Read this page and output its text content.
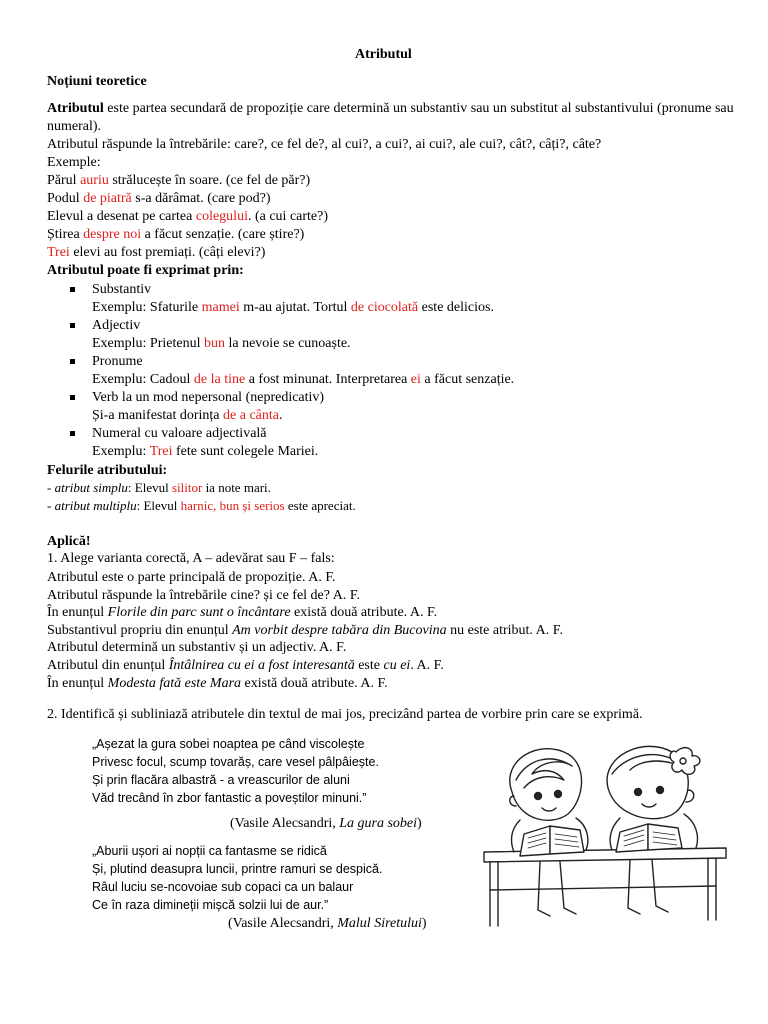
Atributul
Noțiuni teoretice
Atributul este partea secundară de propoziție care determină un substantiv sau un substitut al substantivului (pronume sau numeral).
Atributul răspunde la întrebările: care?, ce fel de?, al cui?, a cui?, ai cui?, ale cui?, cât?, câți?, câte?
Exemple:
Părul auriu strălucește în soare. (ce fel de păr?)
Podul de piatră s-a dărâmat. (care pod?)
Elevul a desenat pe cartea colegului. (a cui carte?)
Știrea despre noi a făcut senzație. (care știre?)
Trei elevi au fost premiați. (câți elevi?)
Atributul poate fi exprimat prin:
Substantiv
Exemplu: Sfaturile mamei m-au ajutat. Tortul de ciocolată este delicios.
Adjectiv
Exemplu: Prietenul bun la nevoie se cunoaște.
Pronume
Exemplu: Cadoul de la tine a fost minunat. Interpretarea ei a făcut senzație.
Verb la un mod nepersonal (nepredicativ)
Și-a manifestat dorința de a cânta.
Numeral cu valoare adjectivală
Exemplu: Trei fete sunt colegele Mariei.
Felurile atributului:
- atribut simplu: Elevul silitor ia note mari.
- atribut multiplu: Elevul harnic, bun și serios este apreciat.
Aplică!
1. Alege varianta corectă, A – adevărat sau F – fals:
Atributul este o parte principală de propoziție. A. F.
Atributul răspunde la întrebările cine? și ce fel de? A. F.
În enunțul Florile din parc sunt o încântare există două atribute. A. F.
Substantivul propriu din enunțul Am vorbit despre tabăra din Bucovina nu este atribut. A. F.
Atributul determină un substantiv și un adjectiv. A. F.
Atributul din enunțul Întâlnirea cu ei a fost interesantă este cu ei. A. F.
În enunțul Modesta fată este Mara există două atribute. A. F.
2. Identifică și subliniază atributele din textul de mai jos, precizând partea de vorbire prin care se exprimă.
„Așezat la gura sobei noaptea pe când viscolește
Privesc focul, scump tovarăș, care vesel pâlpâiește.
Și prin flacăra albastră - a vreascurilor de aluni
Văd trecând în zbor fantastic a poveștilor minuni.”
(Vasile Alecsandri, La gura sobei)
„Aburii ușori ai nopții ca fantasme se ridică
Și, plutind deasupra luncii, printre ramuri se despică.
Râul luciu se-ncovoiae sub copaci ca un balaur
Ce în raza dimineții mișcă solzii lui de aur.”
(Vasile Alecsandri, Malul Siretului)
